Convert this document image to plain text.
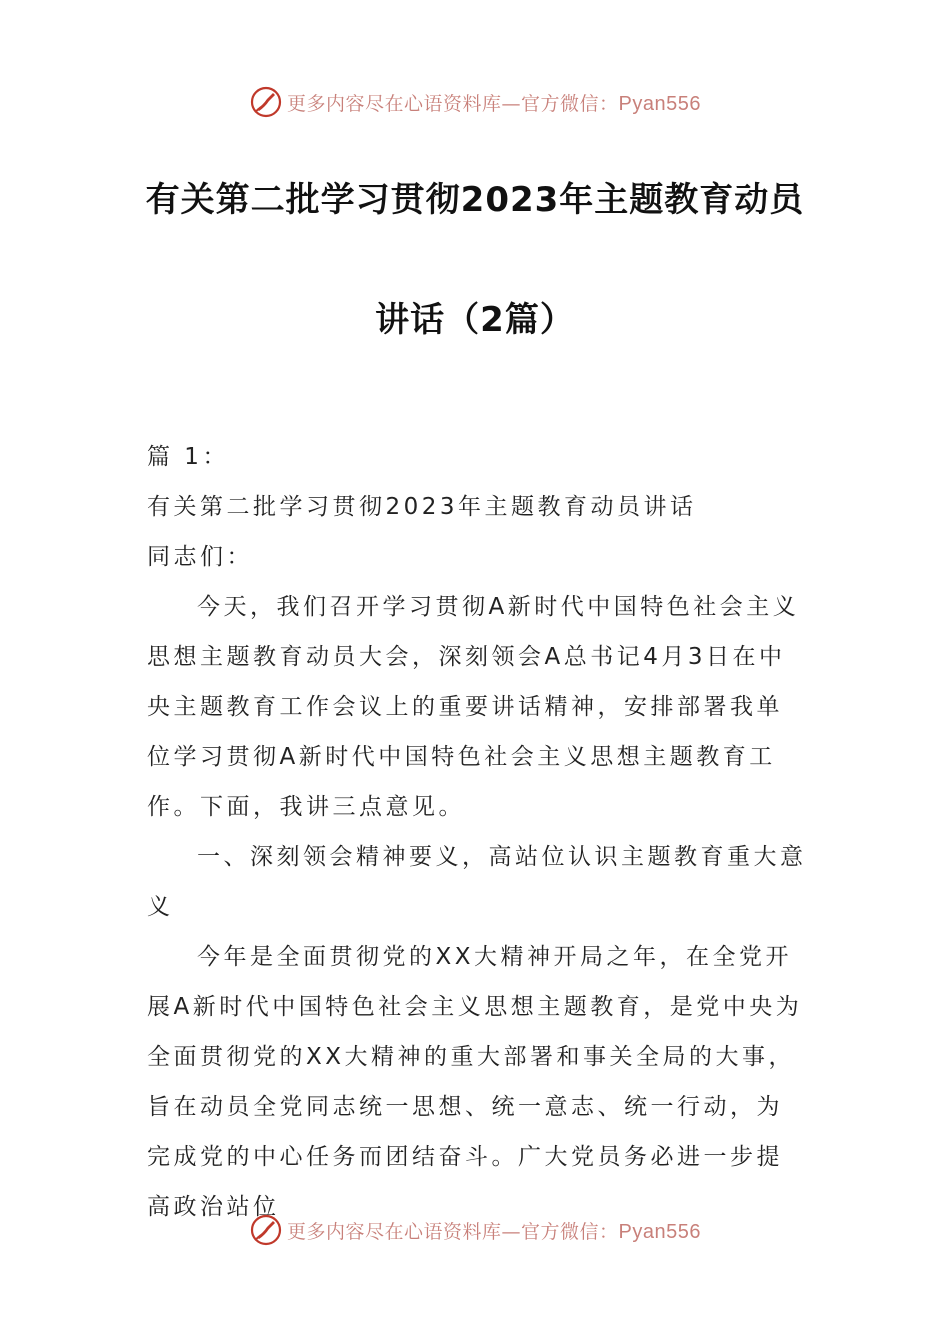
更多内容尽在心语资料库—官方微信：Pyan556
有关第二批学习贯彻2023年主题教育动员
讲话（2篇）

篇 1：

有关第二批学习贯彻2023年主题教育动员讲话

同志们：

今天，我们召开学习贯彻A新时代中国特色社会主义思想主题教育动员大会，深刻领会A总书记4月3日在中央主题教育工作会议上的重要讲话精神，安排部署我单位学习贯彻A新时代中国特色社会主义思想主题教育工作。下面，我讲三点意见。

一、深刻领会精神要义，高站位认识主题教育重大意义

今年是全面贯彻党的XX大精神开局之年，在全党开展A新时代中国特色社会主义思想主题教育，是党中央为全面贯彻党的XX大精神的重大部署和事关全局的大事，旨在动员全党同志统一思想、统一意志、统一行动，为完成党的中心任务而团结奋斗。广大党员务必进一步提高政治站位

更多内容尽在心语资料库—官方微信：Pyan556
